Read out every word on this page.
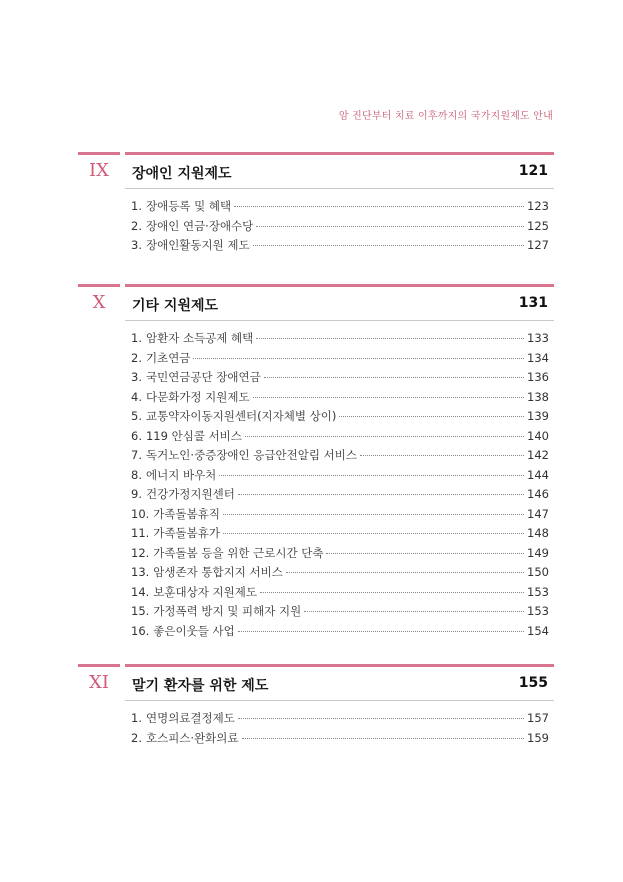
암 진단부터 치료 이후까지의 국가지원제도 안내
IX	장애인 지원제도	121
1. 장애등록 및 혜택	123
2. 장애인 연금·장애수당	125
3. 장애인활동지원 제도	127
X	기타 지원제도	131
1. 암환자 소득공제 혜택	133
2. 기초연금	134
3. 국민연금공단 장애연금	136
4. 다문화가정 지원제도	138
5. 교통약자이동지원센터(지자체별 상이)	139
6. 119 안심콜 서비스	140
7. 독거노인·중증장애인 응급안전알림 서비스	142
8. 에너지 바우처	144
9. 건강가정지원센터	146
10. 가족돌봄휴직	147
11. 가족돌봄휴가	148
12. 가족돌봄 등을 위한 근로시간 단축	149
13. 암생존자 통합지지 서비스	150
14. 보훈대상자 지원제도	153
15. 가정폭력 방지 및 피해자 지원	153
16. 좋은이웃들 사업	154
XI	말기 환자를 위한 제도	155
1. 연명의료결정제도	157
2. 호스피스·완화의료	159
